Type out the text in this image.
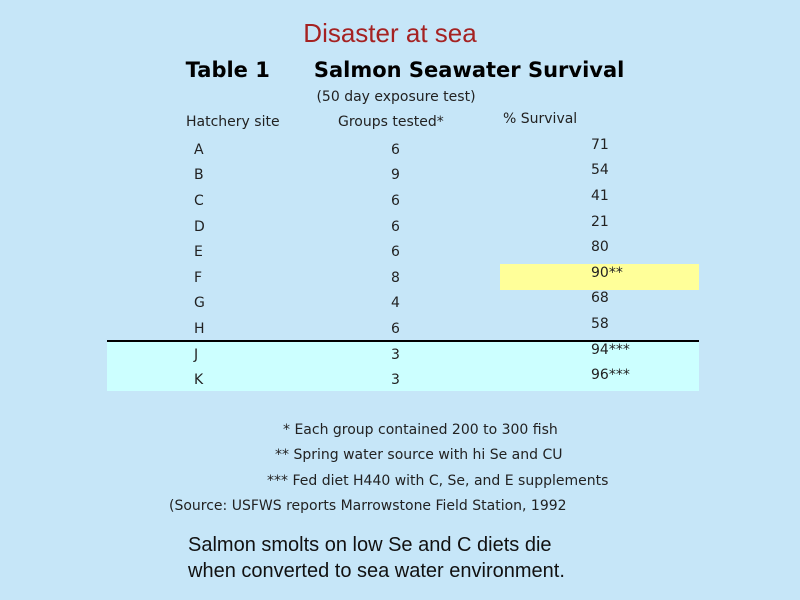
Disaster at sea
Table 1 Salmon Seawater Survival
(50 day exposure test)
Hatchery site	Groups tested*	% Survival
A	6	71
B	9	54
C	6	41
D	6	21
E	6	80
F	8	90**
G	4	68
H	6	58
J	3	94***
K	3	96***
* Each group contained 200 to 300 fish
** Spring water source with hi Se and CU
*** Fed diet H440 with C, Se, and E supplements
(Source: USFWS reports Marrowstone Field Station, 1992
Salmon smolts on low Se and C diets die
when converted to sea water environment.
